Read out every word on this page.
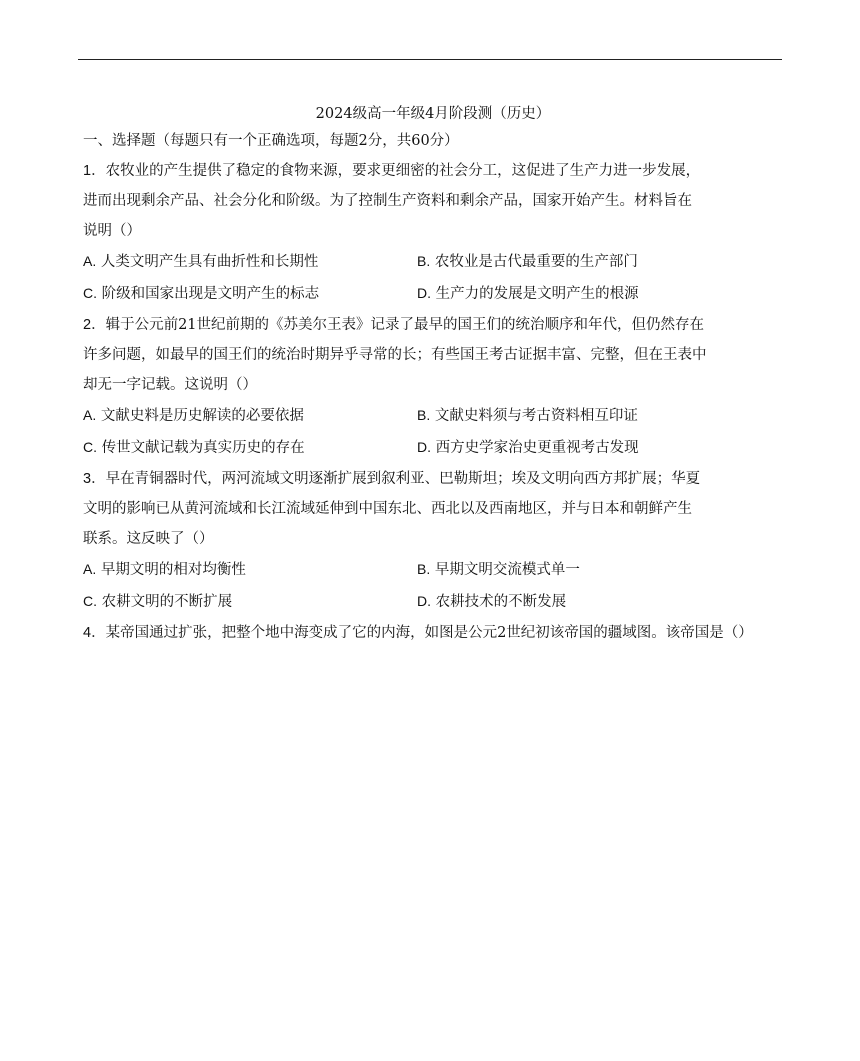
2024级高一年级4月阶段测（历史）
一、选择题（每题只有一个正确选项，每题2分，共60分）
1．农牧业的产生提供了稳定的食物来源，要求更细密的社会分工，这促进了生产力进一步发展，
进而出现剩余产品、社会分化和阶级。为了控制生产资料和剩余产品，国家开始产生。材料旨在
说明（）
A. 人类文明产生具有曲折性和长期性	B. 农牧业是古代最重要的生产部门
C. 阶级和国家出现是文明产生的标志	D. 生产力的发展是文明产生的根源
2．辑于公元前21世纪前期的《苏美尔王表》记录了最早的国王们的统治顺序和年代，但仍然存在
许多问题，如最早的国王们的统治时期异乎寻常的长；有些国王考古证据丰富、完整，但在王表中
却无一字记载。这说明（）
A. 文献史料是历史解读的必要依据	B. 文献史料须与考古资料相互印证
C. 传世文献记载为真实历史的存在	D. 西方史学家治史更重视考古发现
3．早在青铜器时代，两河流域文明逐渐扩展到叙利亚、巴勒斯坦；埃及文明向西方邦扩展；华夏
文明的影响已从黄河流域和长江流域延伸到中国东北、西北以及西南地区，并与日本和朝鲜产生
联系。这反映了（）
A. 早期文明的相对均衡性	B. 早期文明交流模式单一
C. 农耕文明的不断扩展	D. 农耕技术的不断发展
4．某帝国通过扩张，把整个地中海变成了它的内海，如图是公元2世纪初该帝国的疆域图。该帝国是（）
